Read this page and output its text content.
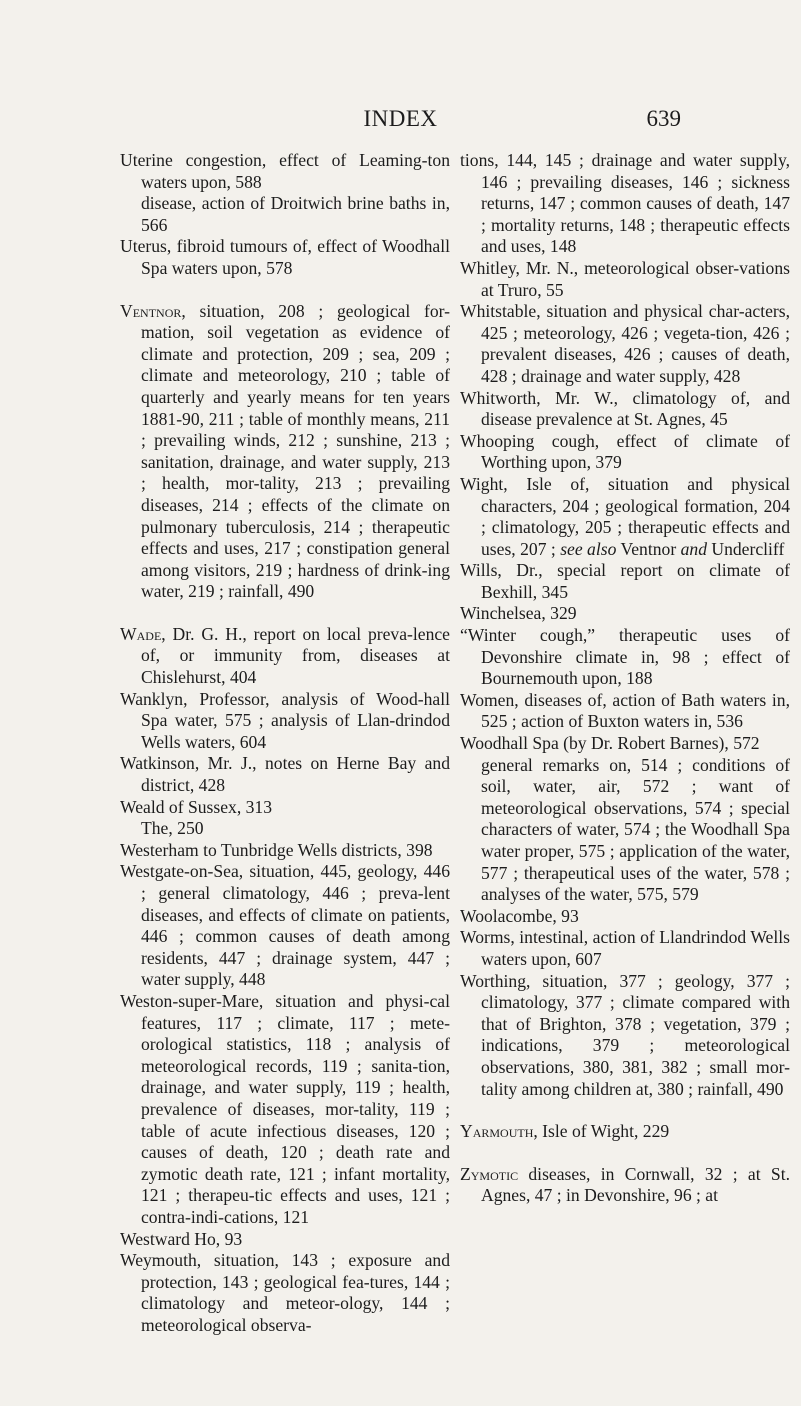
INDEX	639

Uterine congestion, effect of Leaming-ton waters upon, 588

disease, action of Droitwich brine baths in, 566

Uterus, fibroid tumours of, effect of Woodhall Spa waters upon, 578

Ventnor, situation, 208 ; geological for-mation, soil vegetation as evidence of climate and protection, 209 ; sea, 209 ; climate and meteorology, 210 ; table of quarterly and yearly means for ten years 1881-90, 211 ; table of monthly means, 211 ; prevailing winds, 212 ; sunshine, 213 ; sanitation, drainage, and water supply, 213 ; health, mor-tality, 213 ; prevailing diseases, 214 ; effects of the climate on pulmonary tuberculosis, 214 ; therapeutic effects and uses, 217 ; constipation general among visitors, 219 ; hardness of drink-ing water, 219 ; rainfall, 490

Wade, Dr. G. H., report on local preva-lence of, or immunity from, diseases at Chislehurst, 404

Wanklyn, Professor, analysis of Wood-hall Spa water, 575 ; analysis of Llan-drindod Wells waters, 604

Watkinson, Mr. J., notes on Herne Bay and district, 428

Weald of Sussex, 313

The, 250

Westerham to Tunbridge Wells districts, 398

Westgate-on-Sea, situation, 445, geology, 446 ; general climatology, 446 ; preva-lent diseases, and effects of climate on patients, 446 ; common causes of death among residents, 447 ; drainage system, 447 ; water supply, 448

Weston-super-Mare, situation and physi-cal features, 117 ; climate, 117 ; mete-orological statistics, 118 ; analysis of meteorological records, 119 ; sanita-tion, drainage, and water supply, 119 ; health, prevalence of diseases, mor-tality, 119 ; table of acute infectious diseases, 120 ; causes of death, 120 ; death rate and zymotic death rate, 121 ; infant mortality, 121 ; therapeu-tic effects and uses, 121 ; contra-indi-cations, 121

Westward Ho, 93

Weymouth, situation, 143 ; exposure and protection, 143 ; geological fea-tures, 144 ; climatology and meteor-ology, 144 ; meteorological observa-

tions, 144, 145 ; drainage and water supply, 146 ; prevailing diseases, 146 ; sickness returns, 147 ; common causes of death, 147 ; mortality returns, 148 ; therapeutic effects and uses, 148

Whitley, Mr. N., meteorological obser-vations at Truro, 55

Whitstable, situation and physical char-acters, 425 ; meteorology, 426 ; vegeta-tion, 426 ; prevalent diseases, 426 ; causes of death, 428 ; drainage and water supply, 428

Whitworth, Mr. W., climatology of, and disease prevalence at St. Agnes, 45

Whooping cough, effect of climate of Worthing upon, 379

Wight, Isle of, situation and physical characters, 204 ; geological formation, 204 ; climatology, 205 ; therapeutic effects and uses, 207 ; see also Ventnor and Undercliff

Wills, Dr., special report on climate of Bexhill, 345

Winchelsea, 329

“Winter cough,” therapeutic uses of Devonshire climate in, 98 ; effect of Bournemouth upon, 188

Women, diseases of, action of Bath waters in, 525 ; action of Buxton waters in, 536

Woodhall Spa (by Dr. Robert Barnes), 572

general remarks on, 514 ; conditions of soil, water, air, 572 ; want of meteorological observations, 574 ; special characters of water, 574 ; the Woodhall Spa water proper, 575 ; application of the water, 577 ; therapeutical uses of the water, 578 ; analyses of the water, 575, 579

Woolacombe, 93

Worms, intestinal, action of Llandrindod Wells waters upon, 607

Worthing, situation, 377 ; geology, 377 ; climatology, 377 ; climate compared with that of Brighton, 378 ; vegetation, 379 ; indications, 379 ; meteorological observations, 380, 381, 382 ; small mor-tality among children at, 380 ; rainfall, 490

Yarmouth, Isle of Wight, 229

Zymotic diseases, in Cornwall, 32 ; at St. Agnes, 47 ; in Devonshire, 96 ; at
